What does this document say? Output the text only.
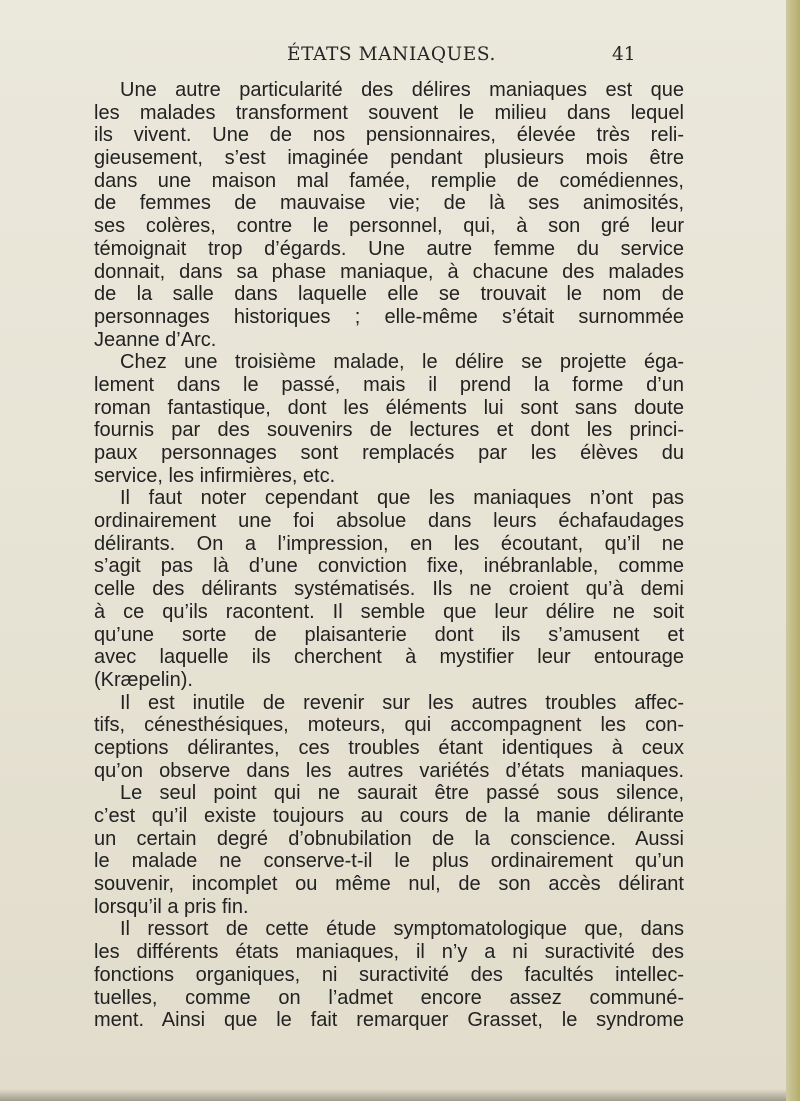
ÉTATS MANIAQUES.	41
Une autre particularité des délires maniaques est que
les malades transforment souvent le milieu dans lequel
ils vivent. Une de nos pensionnaires, élevée très reli-
gieusement, s’est imaginée pendant plusieurs mois être
dans une maison mal famée, remplie de comédiennes,
de femmes de mauvaise vie; de là ses animosités,
ses colères, contre le personnel, qui, à son gré leur
témoignait trop d’égards. Une autre femme du service
donnait, dans sa phase maniaque, à chacune des malades
de la salle dans laquelle elle se trouvait le nom de
personnages historiques ; elle-même s’était surnommée
Jeanne d’Arc.
Chez une troisième malade, le délire se projette éga-
lement dans le passé, mais il prend la forme d’un
roman fantastique, dont les éléments lui sont sans doute
fournis par des souvenirs de lectures et dont les princi-
paux personnages sont remplacés par les élèves du
service, les infirmières, etc.
Il faut noter cependant que les maniaques n’ont pas
ordinairement une foi absolue dans leurs échafaudages
délirants. On a l’impression, en les écoutant, qu’il ne
s’agit pas là d’une conviction fixe, inébranlable, comme
celle des délirants systématisés. Ils ne croient qu’à demi
à ce qu’ils racontent. Il semble que leur délire ne soit
qu’une sorte de plaisanterie dont ils s’amusent et
avec laquelle ils cherchent à mystifier leur entourage
(Kræpelin).
Il est inutile de revenir sur les autres troubles affec-
tifs, cénesthésiques, moteurs, qui accompagnent les con-
ceptions délirantes, ces troubles étant identiques à ceux
qu’on observe dans les autres variétés d’états maniaques.
Le seul point qui ne saurait être passé sous silence,
c’est qu’il existe toujours au cours de la manie délirante
un certain degré d’obnubilation de la conscience. Aussi
le malade ne conserve-t-il le plus ordinairement qu’un
souvenir, incomplet ou même nul, de son accès délirant
lorsqu’il a pris fin.
Il ressort de cette étude symptomatologique que, dans
les différents états maniaques, il n’y a ni suractivité des
fonctions organiques, ni suractivité des facultés intellec-
tuelles, comme on l’admet encore assez communé-
ment. Ainsi que le fait remarquer Grasset, le syndrome
